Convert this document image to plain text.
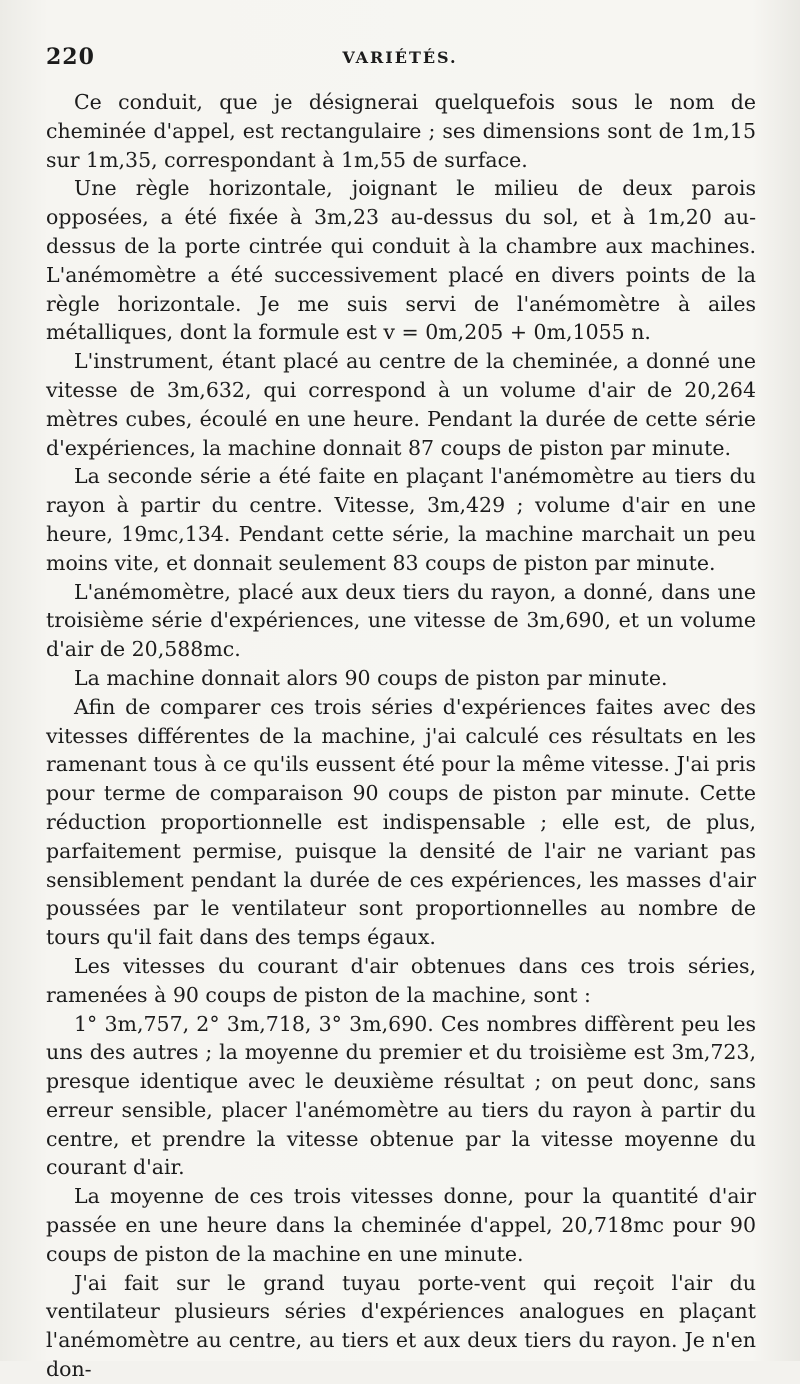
220	VARIÉTÉS.

Ce conduit, que je désignerai quelquefois sous le nom de cheminée d'appel, est rectangulaire ; ses dimensions sont de 1m,15 sur 1m,35, correspondant à 1m,55 de surface.

Une règle horizontale, joignant le milieu de deux parois opposées, a été fixée à 3m,23 au-dessus du sol, et à 1m,20 au-dessus de la porte cintrée qui conduit à la chambre aux machines. L'anémomètre a été successivement placé en divers points de la règle horizontale. Je me suis servi de l'anémomètre à ailes métalliques, dont la formule est v = 0m,205 + 0m,1055 n.

L'instrument, étant placé au centre de la cheminée, a donné une vitesse de 3m,632, qui correspond à un volume d'air de 20,264 mètres cubes, écoulé en une heure. Pendant la durée de cette série d'expériences, la machine donnait 87 coups de piston par minute.

La seconde série a été faite en plaçant l'anémomètre au tiers du rayon à partir du centre. Vitesse, 3m,429 ; volume d'air en une heure, 19mc,134. Pendant cette série, la machine marchait un peu moins vite, et donnait seulement 83 coups de piston par minute.

L'anémomètre, placé aux deux tiers du rayon, a donné, dans une troisième série d'expériences, une vitesse de 3m,690, et un volume d'air de 20,588mc.

La machine donnait alors 90 coups de piston par minute.

Afin de comparer ces trois séries d'expériences faites avec des vitesses différentes de la machine, j'ai calculé ces résultats en les ramenant tous à ce qu'ils eussent été pour la même vitesse. J'ai pris pour terme de comparaison 90 coups de piston par minute. Cette réduction proportionnelle est indispensable ; elle est, de plus, parfaitement permise, puisque la densité de l'air ne variant pas sensiblement pendant la durée de ces expériences, les masses d'air poussées par le ventilateur sont proportionnelles au nombre de tours qu'il fait dans des temps égaux.

Les vitesses du courant d'air obtenues dans ces trois séries, ramenées à 90 coups de piston de la machine, sont :

1° 3m,757, 2° 3m,718, 3° 3m,690. Ces nombres diffèrent peu les uns des autres ; la moyenne du premier et du troisième est 3m,723, presque identique avec le deuxième résultat ; on peut donc, sans erreur sensible, placer l'anémomètre au tiers du rayon à partir du centre, et prendre la vitesse obtenue par la vitesse moyenne du courant d'air.

La moyenne de ces trois vitesses donne, pour la quantité d'air passée en une heure dans la cheminée d'appel, 20,718mc pour 90 coups de piston de la machine en une minute.

J'ai fait sur le grand tuyau porte-vent qui reçoit l'air du ventilateur plusieurs séries d'expériences analogues en plaçant l'anémomètre au centre, au tiers et aux deux tiers du rayon. Je n'en don-
